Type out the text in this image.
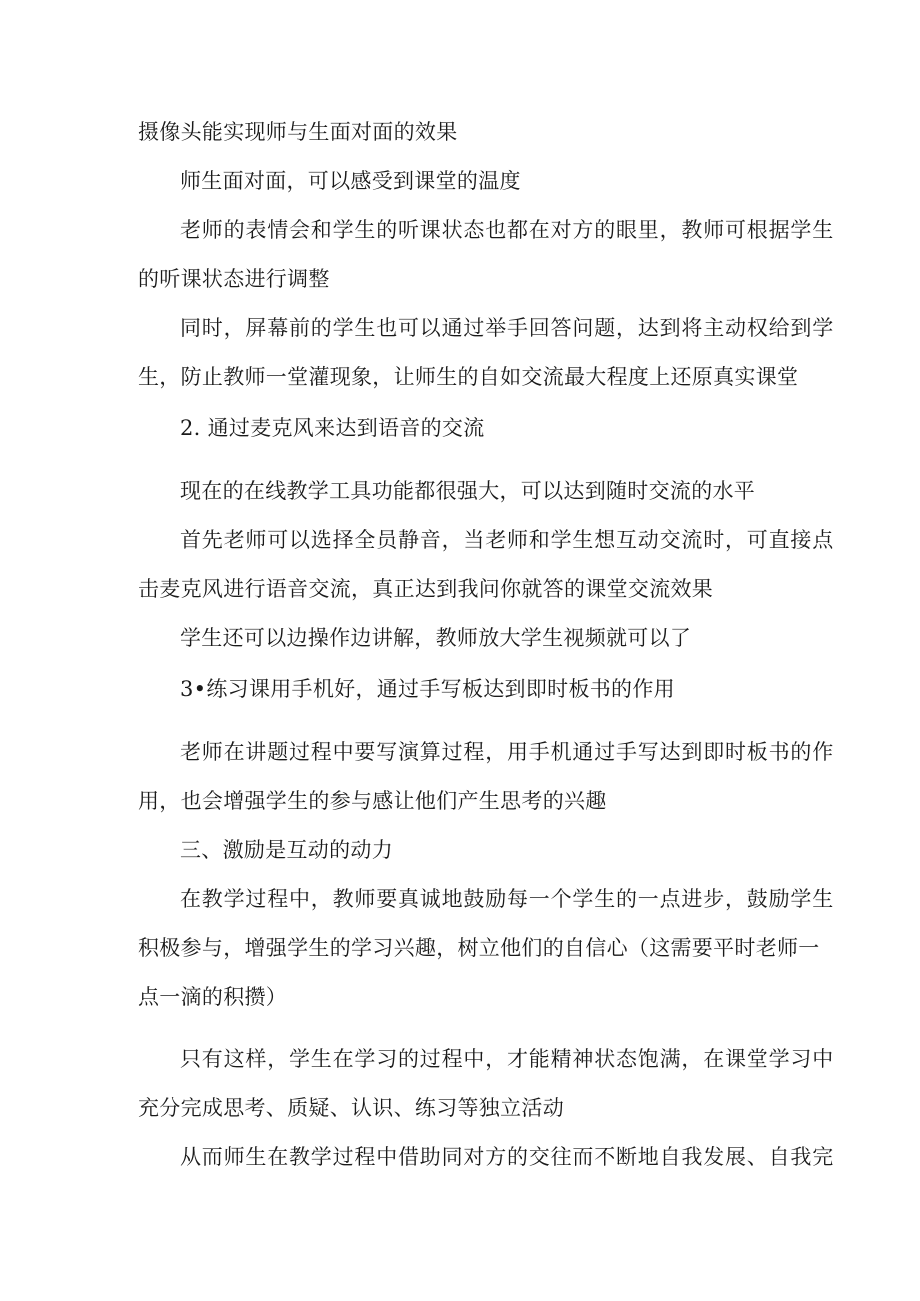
摄像头能实现师与生面对面的效果
师生面对面，可以感受到课堂的温度
老师的表情会和学生的听课状态也都在对方的眼里，教师可根据学生
的听课状态进行调整
同时，屏幕前的学生也可以通过举手回答问题，达到将主动权给到学
生，防止教师一堂灌现象，让师生的自如交流最大程度上还原真实课堂
2. 通过麦克风来达到语音的交流
现在的在线教学工具功能都很强大，可以达到随时交流的水平
首先老师可以选择全员静音，当老师和学生想互动交流时，可直接点
击麦克风进行语音交流，真正达到我问你就答的课堂交流效果
学生还可以边操作边讲解，教师放大学生视频就可以了
3•练习课用手机好，通过手写板达到即时板书的作用
老师在讲题过程中要写演算过程，用手机通过手写达到即时板书的作
用，也会增强学生的参与感让他们产生思考的兴趣
三、激励是互动的动力
在教学过程中，教师要真诚地鼓励每一个学生的一点进步，鼓励学生
积极参与，增强学生的学习兴趣，树立他们的自信心（这需要平时老师一
点一滴的积攒）
只有这样，学生在学习的过程中，才能精神状态饱满，在课堂学习中
充分完成思考、质疑、认识、练习等独立活动
从而师生在教学过程中借助同对方的交往而不断地自我发展、自我完
